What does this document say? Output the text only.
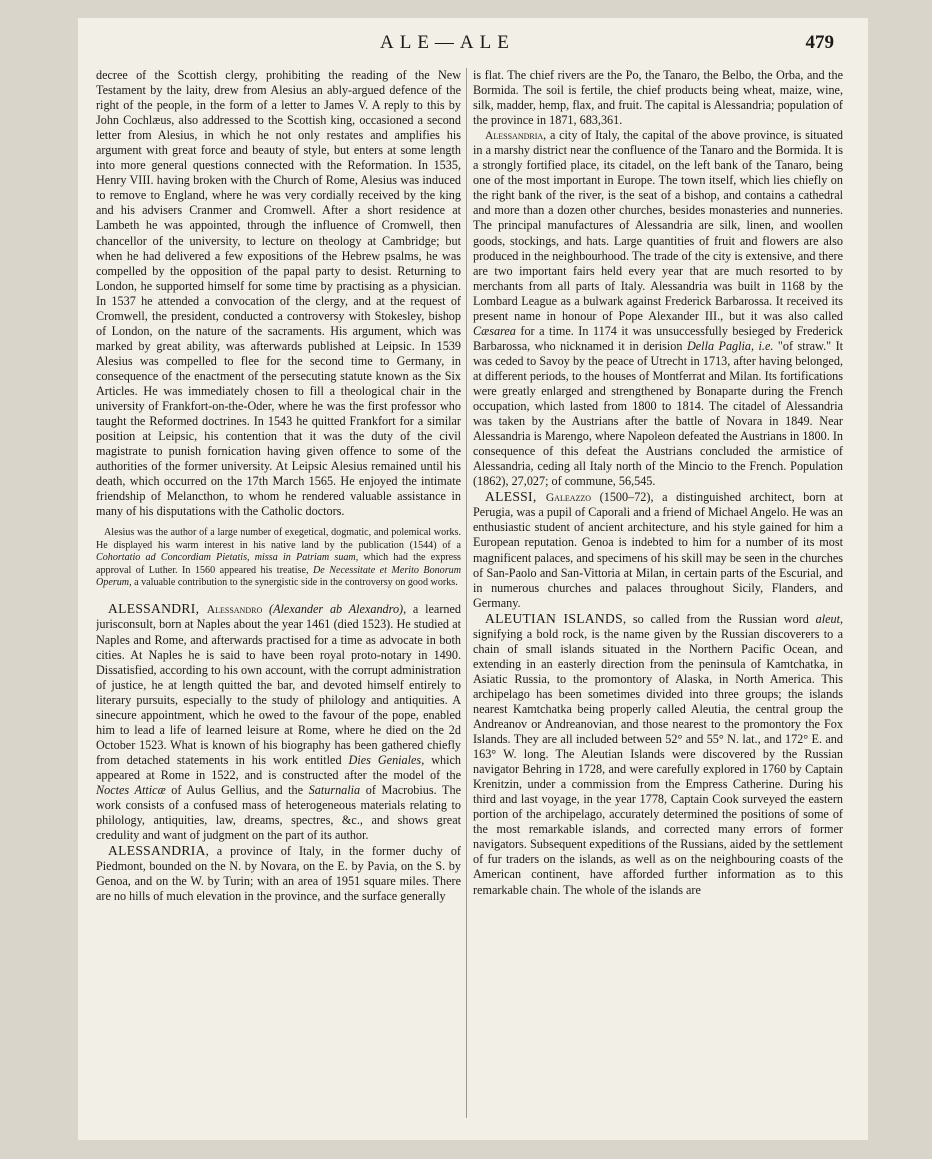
ALE—ALE	479

decree of the Scottish clergy, prohibiting the reading of the New Testament by the laity, drew from Alesius an ably-argued defence of the right of the people, in the form of a letter to James V. A reply to this by John Cochlæus, also addressed to the Scottish king, occasioned a second letter from Alesius, in which he not only restates and amplifies his argument with great force and beauty of style, but enters at some length into more general questions connected with the Reformation. In 1535, Henry VIII. having broken with the Church of Rome, Alesius was induced to remove to England, where he was very cordially received by the king and his advisers Cranmer and Cromwell. After a short residence at Lambeth he was appointed, through the influence of Cromwell, then chancellor of the university, to lecture on theology at Cambridge; but when he had delivered a few expositions of the Hebrew psalms, he was compelled by the opposition of the papal party to desist. Returning to London, he supported himself for some time by practising as a physician. In 1537 he attended a convocation of the clergy, and at the request of Cromwell, the president, conducted a controversy with Stokesley, bishop of London, on the nature of the sacraments. His argument, which was marked by great ability, was afterwards published at Leipsic. In 1539 Alesius was compelled to flee for the second time to Germany, in consequence of the enactment of the persecuting statute known as the Six Articles. He was immediately chosen to fill a theological chair in the university of Frankfort-on-the-Oder, where he was the first professor who taught the Reformed doctrines. In 1543 he quitted Frankfort for a similar position at Leipsic, his contention that it was the duty of the civil magistrate to punish fornication having given offence to some of the authorities of the former university. At Leipsic Alesius remained until his death, which occurred on the 17th March 1565. He enjoyed the intimate friendship of Melancthon, to whom he rendered valuable assistance in many of his disputations with the Catholic doctors.

Alesius was the author of a large number of exegetical, dogmatic, and polemical works. He displayed his warm interest in his native land by the publication (1544) of a Cohortatio ad Concordiam Pietatis, missa in Patriam suam, which had the express approval of Luther. In 1560 appeared his treatise, De Necessitate et Merito Bonorum Operum, a valuable contribution to the synergistic side in the controversy on good works.

ALESSANDRI, Alessandro (Alexander ab Alexandro), a learned jurisconsult, born at Naples about the year 1461 (died 1523). He studied at Naples and Rome, and afterwards practised for a time as advocate in both cities. At Naples he is said to have been royal proto-notary in 1490. Dissatisfied, according to his own account, with the corrupt administration of justice, he at length quitted the bar, and devoted himself entirely to literary pursuits, especially to the study of philology and antiquities. A sinecure appointment, which he owed to the favour of the pope, enabled him to lead a life of learned leisure at Rome, where he died on the 2d October 1523. What is known of his biography has been gathered chiefly from detached statements in his work entitled Dies Geniales, which appeared at Rome in 1522, and is constructed after the model of the Noctes Atticæ of Aulus Gellius, and the Saturnalia of Macrobius. The work consists of a confused mass of heterogeneous materials relating to philology, antiquities, law, dreams, spectres, &c., and shows great credulity and want of judgment on the part of its author.

ALESSANDRIA, a province of Italy, in the former duchy of Piedmont, bounded on the N. by Novara, on the E. by Pavia, on the S. by Genoa, and on the W. by Turin; with an area of 1951 square miles. There are no hills of much elevation in the province, and the surface generally

is flat. The chief rivers are the Po, the Tanaro, the Belbo, the Orba, and the Bormida. The soil is fertile, the chief products being wheat, maize, wine, silk, madder, hemp, flax, and fruit. The capital is Alessandria; population of the province in 1871, 683,361.

Alessandria, a city of Italy, the capital of the above province, is situated in a marshy district near the confluence of the Tanaro and the Bormida. It is a strongly fortified place, its citadel, on the left bank of the Tanaro, being one of the most important in Europe. The town itself, which lies chiefly on the right bank of the river, is the seat of a bishop, and contains a cathedral and more than a dozen other churches, besides monasteries and nunneries. The principal manufactures of Alessandria are silk, linen, and woollen goods, stockings, and hats. Large quantities of fruit and flowers are also produced in the neighbourhood. The trade of the city is extensive, and there are two important fairs held every year that are much resorted to by merchants from all parts of Italy. Alessandria was built in 1168 by the Lombard League as a bulwark against Frederick Barbarossa. It received its present name in honour of Pope Alexander III., but it was also called Cæsarea for a time. In 1174 it was unsuccessfully besieged by Frederick Barbarossa, who nicknamed it in derision Della Paglia, i.e. "of straw." It was ceded to Savoy by the peace of Utrecht in 1713, after having belonged, at different periods, to the houses of Montferrat and Milan. Its fortifications were greatly enlarged and strengthened by Bonaparte during the French occupation, which lasted from 1800 to 1814. The citadel of Alessandria was taken by the Austrians after the battle of Novara in 1849. Near Alessandria is Marengo, where Napoleon defeated the Austrians in 1800. In consequence of this defeat the Austrians concluded the armistice of Alessandria, ceding all Italy north of the Mincio to the French. Population (1862), 27,027; of commune, 56,545.

ALESSI, Galeazzo (1500–72), a distinguished architect, born at Perugia, was a pupil of Caporali and a friend of Michael Angelo. He was an enthusiastic student of ancient architecture, and his style gained for him a European reputation. Genoa is indebted to him for a number of its most magnificent palaces, and specimens of his skill may be seen in the churches of San-Paolo and San-Vittoria at Milan, in certain parts of the Escurial, and in numerous churches and palaces throughout Sicily, Flanders, and Germany.

ALEUTIAN ISLANDS, so called from the Russian word aleut, signifying a bold rock, is the name given by the Russian discoverers to a chain of small islands situated in the Northern Pacific Ocean, and extending in an easterly direction from the peninsula of Kamtchatka, in Asiatic Russia, to the promontory of Alaska, in North America. This archipelago has been sometimes divided into three groups; the islands nearest Kamtchatka being properly called Aleutia, the central group the Andreanov or Andreanovian, and those nearest to the promontory the Fox Islands. They are all included between 52° and 55° N. lat., and 172° E. and 163° W. long. The Aleutian Islands were discovered by the Russian navigator Behring in 1728, and were carefully explored in 1760 by Captain Krenitzin, under a commission from the Empress Catherine. During his third and last voyage, in the year 1778, Captain Cook surveyed the eastern portion of the archipelago, accurately determined the positions of some of the most remarkable islands, and corrected many errors of former navigators. Subsequent expeditions of the Russians, aided by the settlement of fur traders on the islands, as well as on the neighbouring coasts of the American continent, have afforded further information as to this remarkable chain. The whole of the islands are
